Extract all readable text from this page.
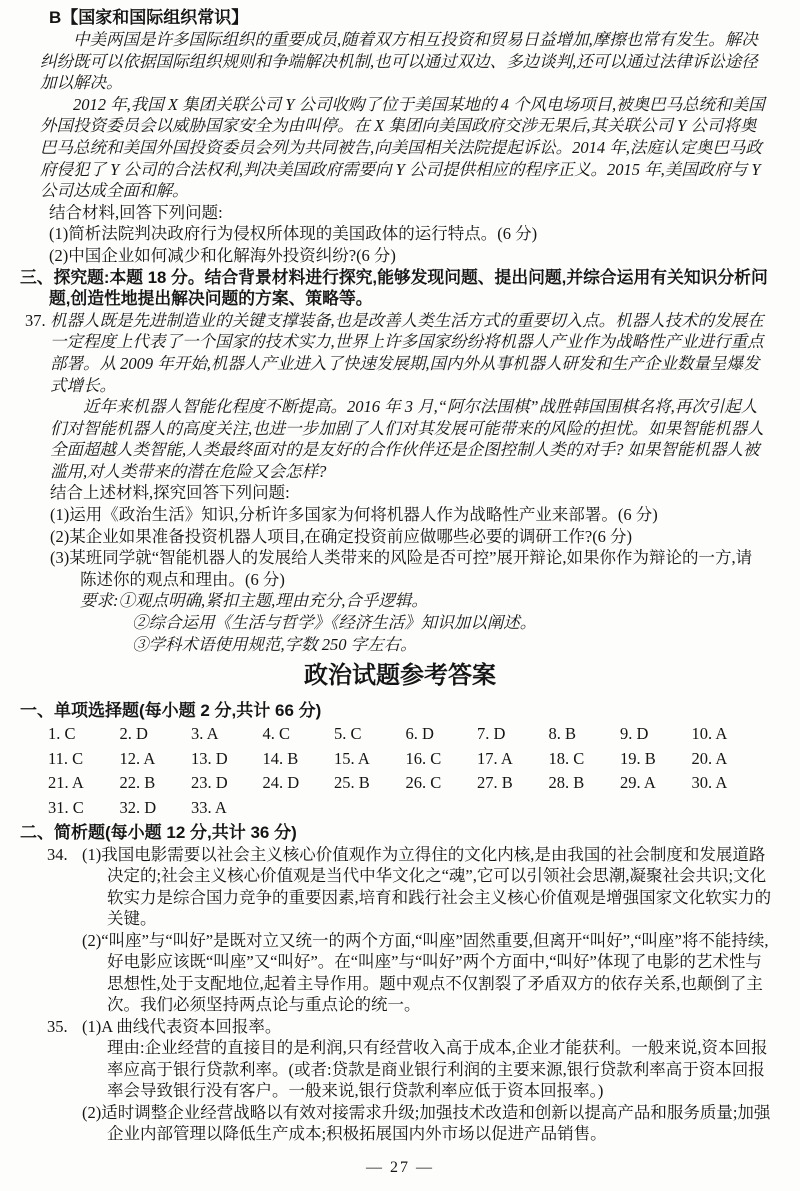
B【国家和国际组织常识】

中美两国是许多国际组织的重要成员,随着双方相互投资和贸易日益增加,摩擦也常有发生。解决纠纷既可以依据国际组织规则和争端解决机制,也可以通过双边、多边谈判,还可以通过法律诉讼途径加以解决。

2012 年,我国 X 集团关联公司 Y 公司收购了位于美国某地的 4 个风电场项目,被奥巴马总统和美国外国投资委员会以威胁国家安全为由叫停。在 X 集团向美国政府交涉无果后,其关联公司 Y 公司将奥巴马总统和美国外国投资委员会列为共同被告,向美国相关法院提起诉讼。2014 年,法庭认定奥巴马政府侵犯了 Y 公司的合法权利,判决美国政府需要向 Y 公司提供相应的程序正义。2015 年,美国政府与 Y 公司达成全面和解。

结合材料,回答下列问题:

(1)简析法院判决政府行为侵权所体现的美国政体的运行特点。(6 分)

(2)中国企业如何减少和化解海外投资纠纷?(6 分)

三、探究题:本题 18 分。结合背景材料进行探究,能够发现问题、提出问题,并综合运用有关知识分析问题,创造性地提出解决问题的方案、策略等。

37. 机器人既是先进制造业的关键支撑装备,也是改善人类生活方式的重要切入点。机器人技术的发展在一定程度上代表了一个国家的技术实力,世界上许多国家纷纷将机器人产业作为战略性产业进行重点部署。从 2009 年开始,机器人产业进入了快速发展期,国内外从事机器人研发和生产企业数量呈爆发式增长。

近年来机器人智能化程度不断提高。2016 年 3 月,“阿尔法围棋”战胜韩国围棋名将,再次引起人们对智能机器人的高度关注,也进一步加剧了人们对其发展可能带来的风险的担忧。如果智能机器人全面超越人类智能,人类最终面对的是友好的合作伙伴还是企图控制人类的对手? 如果智能机器人被滥用,对人类带来的潜在危险又会怎样?

结合上述材料,探究回答下列问题:

(1)运用《政治生活》知识,分析许多国家为何将机器人作为战略性产业来部署。(6 分)

(2)某企业如果准备投资机器人项目,在确定投资前应做哪些必要的调研工作?(6 分)

(3)某班同学就“智能机器人的发展给人类带来的风险是否可控”展开辩论,如果你作为辩论的一方,请陈述你的观点和理由。(6 分)

要求:①观点明确,紧扣主题,理由充分,合乎逻辑。

②综合运用《生活与哲学》《经济生活》知识加以阐述。

③学科术语使用规范,字数 250 字左右。

政治试题参考答案

一、单项选择题(每小题 2 分,共计 66 分)

1. C	2. D	3. A	4. C	5. C	6. D	7. D	8. B	9. D	10. A
11. C	12. A	13. D	14. B	15. A	16. C	17. A	18. C	19. B	20. A
21. A	22. B	23. D	24. D	25. B	26. C	27. B	28. B	29. A	30. A
31. C	32. D	33. A

二、简析题(每小题 12 分,共计 36 分)

34. (1)我国电影需要以社会主义核心价值观作为立得住的文化内核,是由我国的社会制度和发展道路决定的;社会主义核心价值观是当代中华文化之“魂”,它可以引领社会思潮,凝聚社会共识;文化软实力是综合国力竞争的重要因素,培育和践行社会主义核心价值观是增强国家文化软实力的关键。

(2)“叫座”与“叫好”是既对立又统一的两个方面,“叫座”固然重要,但离开“叫好”,“叫座”将不能持续,好电影应该既“叫座”又“叫好”。在“叫座”与“叫好”两个方面中,“叫好”体现了电影的艺术性与思想性,处于支配地位,起着主导作用。题中观点不仅割裂了矛盾双方的依存关系,也颠倒了主次。我们必须坚持两点论与重点论的统一。

35. (1)A 曲线代表资本回报率。

理由:企业经营的直接目的是利润,只有经营收入高于成本,企业才能获利。一般来说,资本回报率应高于银行贷款利率。(或者:贷款是商业银行利润的主要来源,银行贷款利率高于资本回报率会导致银行没有客户。一般来说,银行贷款利率应低于资本回报率。)

(2)适时调整企业经营战略以有效对接需求升级;加强技术改造和创新以提高产品和服务质量;加强企业内部管理以降低生产成本;积极拓展国内外市场以促进产品销售。

— 27 —
